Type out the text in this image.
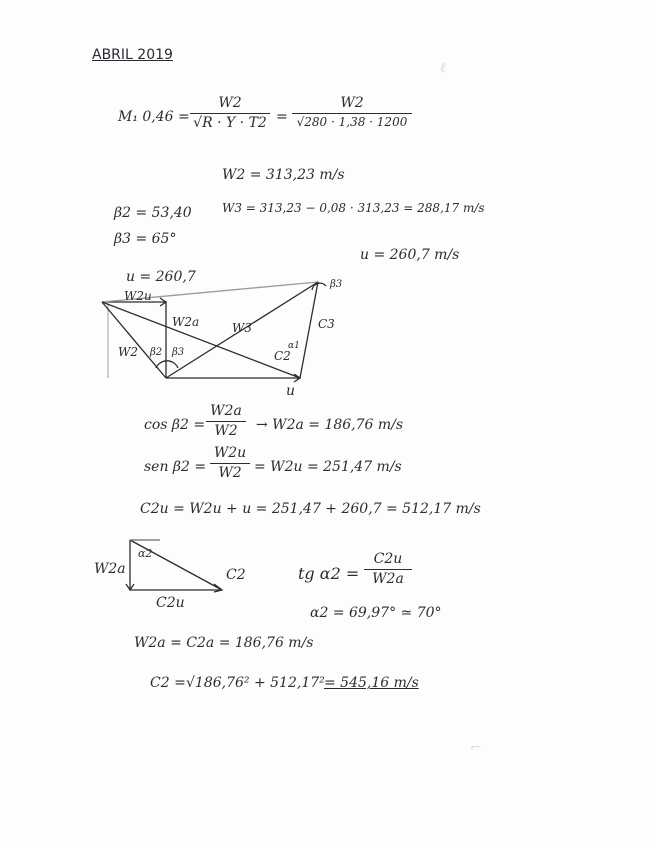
ℓ
⌐
ABRIL 2019
M₁ 0,46 =
W2
√R · Y · T2 =
W2
√280 · 1,38 · 1200
W2 = 313,23 m/s
β2 = 53,40	W3 = 313,23 − 0,08 · 313,23 = 288,17 m/s
β3 = 65°
u = 260,7 m/s
u = 260,7
W2u
W2a
W2
W3
β2 β3	C2
α1
C3
β3
u
cos β2 =
W2a
W2	→ W2a = 186,76 m/s
sen β2 =
W2u
W2 = W2u = 251,47 m/s
C2u = W2u + u = 251,47 + 260,7 = 512,17 m/s
α2
W2a	C2
C2u
tg α2 =
C2u
W2a
α2 = 69,97° ≃ 70°
W2a = C2a = 186,76 m/s
C2 = √186,76² + 512,17² = 545,16 m/s
